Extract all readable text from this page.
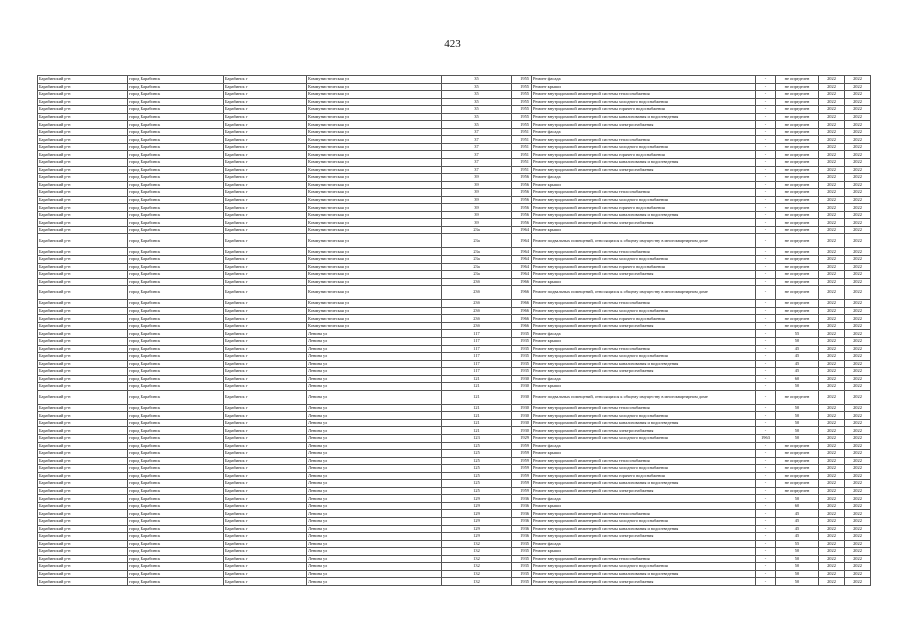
423
Барабинский р-н	город Барабинск	Барабинск г	Коммунистическая ул	35	1955	Ремонт фасада	-	не определен	2022	2022
Барабинский р-н	город Барабинск	Барабинск г	Коммунистическая ул	35	1955	Ремонт крыши	-	не определен	2022	2022
Барабинский р-н	город Барабинск	Барабинск г	Коммунистическая ул	35	1955	Ремонт внутридомовой инженерной системы теплоснабжения	-	не определен	2022	2022
Барабинский р-н	город Барабинск	Барабинск г	Коммунистическая ул	35	1955	Ремонт внутридомовой инженерной системы холодного водоснабжения	-	не определен	2022	2022
Барабинский р-н	город Барабинск	Барабинск г	Коммунистическая ул	35	1955	Ремонт внутридомовой инженерной системы горячего водоснабжения	-	не определен	2022	2022
Барабинский р-н	город Барабинск	Барабинск г	Коммунистическая ул	35	1955	Ремонт внутридомовой инженерной системы канализования и водоотведения	-	не определен	2022	2022
Барабинский р-н	город Барабинск	Барабинск г	Коммунистическая ул	35	1955	Ремонт внутридомовой инженерной системы электроснабжения	-	не определен	2022	2022
Барабинский р-н	город Барабинск	Барабинск г	Коммунистическая ул	37	1951	Ремонт фасада	-	не определен	2022	2022
Барабинский р-н	город Барабинск	Барабинск г	Коммунистическая ул	37	1951	Ремонт внутридомовой инженерной системы теплоснабжения	-	не определен	2022	2022
Барабинский р-н	город Барабинск	Барабинск г	Коммунистическая ул	37	1951	Ремонт внутридомовой инженерной системы холодного водоснабжения	-	не определен	2022	2022
Барабинский р-н	город Барабинск	Барабинск г	Коммунистическая ул	37	1951	Ремонт внутридомовой инженерной системы горячего водоснабжения	-	не определен	2022	2022
Барабинский р-н	город Барабинск	Барабинск г	Коммунистическая ул	37	1951	Ремонт внутридомовой инженерной системы канализования и водоотведения	-	не определен	2022	2022
Барабинский р-н	город Барабинск	Барабинск г	Коммунистическая ул	37	1951	Ремонт внутридомовой инженерной системы электроснабжения	-	не определен	2022	2022
Барабинский р-н	город Барабинск	Барабинск г	Коммунистическая ул	39	1956	Ремонт фасада	-	не определен	2022	2022
Барабинский р-н	город Барабинск	Барабинск г	Коммунистическая ул	39	1956	Ремонт крыши	-	не определен	2022	2022
Барабинский р-н	город Барабинск	Барабинск г	Коммунистическая ул	39	1956	Ремонт внутридомовой инженерной системы теплоснабжения	-	не определен	2022	2022
Барабинский р-н	город Барабинск	Барабинск г	Коммунистическая ул	39	1956	Ремонт внутридомовой инженерной системы холодного водоснабжения	-	не определен	2022	2022
Барабинский р-н	город Барабинск	Барабинск г	Коммунистическая ул	39	1956	Ремонт внутридомовой инженерной системы горячего водоснабжения	-	не определен	2022	2022
Барабинский р-н	город Барабинск	Барабинск г	Коммунистическая ул	39	1956	Ремонт внутридомовой инженерной системы канализования и водоотведения	-	не определен	2022	2022
Барабинский р-н	город Барабинск	Барабинск г	Коммунистическая ул	39	1956	Ремонт внутридомовой инженерной системы электроснабжения	-	не определен	2022	2022
Барабинский р-н	город Барабинск	Барабинск г	Коммунистическая ул	23а	1964	Ремонт крыши	-	не определен	2022	2022
Барабинский р-н	город Барабинск	Барабинск г	Коммунистическая ул	23а	1964	Ремонт подвальных помещений, относящихся к общему имуществу в многоквартирном доме	-	не определен	2022	2022
Барабинский р-н	город Барабинск	Барабинск г	Коммунистическая ул	23а	1964	Ремонт внутридомовой инженерной системы теплоснабжения	-	не определен	2022	2022
Барабинский р-н	город Барабинск	Барабинск г	Коммунистическая ул	23а	1964	Ремонт внутридомовой инженерной системы холодного водоснабжения	-	не определен	2022	2022
Барабинский р-н	город Барабинск	Барабинск г	Коммунистическая ул	23а	1964	Ремонт внутридомовой инженерной системы горячего водоснабжения	-	не определен	2022	2022
Барабинский р-н	город Барабинск	Барабинск г	Коммунистическая ул	23а	1964	Ремонт внутридомовой инженерной системы электроснабжения	-	не определен	2022	2022
Барабинский р-н	город Барабинск	Барабинск г	Коммунистическая ул	23б	1966	Ремонт крыши	-	не определен	2022	2022
Барабинский р-н	город Барабинск	Барабинск г	Коммунистическая ул	23б	1966	Ремонт подвальных помещений, относящихся к общему имуществу в многоквартирном доме	-	не определен	2022	2022
Барабинский р-н	город Барабинск	Барабинск г	Коммунистическая ул	23б	1966	Ремонт внутридомовой инженерной системы теплоснабжения	-	не определен	2022	2022
Барабинский р-н	город Барабинск	Барабинск г	Коммунистическая ул	23б	1966	Ремонт внутридомовой инженерной системы холодного водоснабжения	-	не определен	2022	2022
Барабинский р-н	город Барабинск	Барабинск г	Коммунистическая ул	23б	1966	Ремонт внутридомовой инженерной системы горячего водоснабжения	-	не определен	2022	2022
Барабинский р-н	город Барабинск	Барабинск г	Коммунистическая ул	23б	1966	Ремонт внутридомовой инженерной системы электроснабжения	-	не определен	2022	2022
Барабинский р-н	город Барабинск	Барабинск г	Ленина ул	117	1935	Ремонт фасада	-	55	2022	2022
Барабинский р-н	город Барабинск	Барабинск г	Ленина ул	117	1935	Ремонт крыши	-	50	2022	2022
Барабинский р-н	город Барабинск	Барабинск г	Ленина ул	117	1935	Ремонт внутридомовой инженерной системы теплоснабжения	-	45	2022	2022
Барабинский р-н	город Барабинск	Барабинск г	Ленина ул	117	1935	Ремонт внутридомовой инженерной системы холодного водоснабжения	-	45	2022	2022
Барабинский р-н	город Барабинск	Барабинск г	Ленина ул	117	1935	Ремонт внутридомовой инженерной системы канализования и водоотведения	-	45	2022	2022
Барабинский р-н	город Барабинск	Барабинск г	Ленина ул	117	1935	Ремонт внутридомовой инженерной системы электроснабжения	-	45	2022	2022
Барабинский р-н	город Барабинск	Барабинск г	Ленина ул	121	1930	Ремонт фасада	-	60	2022	2022
Барабинский р-н	город Барабинск	Барабинск г	Ленина ул	121	1930	Ремонт крыши	-	50	2022	2022
Барабинский р-н	город Барабинск	Барабинск г	Ленина ул	121	1930	Ремонт подвальных помещений, относящихся к общему имуществу в многоквартирном доме	-	не определен	2022	2022
Барабинский р-н	город Барабинск	Барабинск г	Ленина ул	121	1930	Ремонт внутридомовой инженерной системы теплоснабжения	-	50	2022	2022
Барабинский р-н	город Барабинск	Барабинск г	Ленина ул	121	1930	Ремонт внутридомовой инженерной системы холодного водоснабжения	-	50	2022	2022
Барабинский р-н	город Барабинск	Барабинск г	Ленина ул	121	1930	Ремонт внутридомовой инженерной системы канализования и водоотведения	-	50	2022	2022
Барабинский р-н	город Барабинск	Барабинск г	Ленина ул	121	1930	Ремонт внутридомовой инженерной системы электроснабжения	-	50	2022	2022
Барабинский р-н	город Барабинск	Барабинск г	Ленина ул	123	1929	Ремонт внутридомовой инженерной системы холодного водоснабжения	1963	50	2022	2022
Барабинский р-н	город Барабинск	Барабинск г	Ленина ул	125	1959	Ремонт фасада	-	не определен	2022	2022
Барабинский р-н	город Барабинск	Барабинск г	Ленина ул	125	1959	Ремонт крыши	-	не определен	2022	2022
Барабинский р-н	город Барабинск	Барабинск г	Ленина ул	125	1959	Ремонт внутридомовой инженерной системы теплоснабжения	-	не определен	2022	2022
Барабинский р-н	город Барабинск	Барабинск г	Ленина ул	125	1959	Ремонт внутридомовой инженерной системы холодного водоснабжения	-	не определен	2022	2022
Барабинский р-н	город Барабинск	Барабинск г	Ленина ул	125	1959	Ремонт внутридомовой инженерной системы горячего водоснабжения	-	не определен	2022	2022
Барабинский р-н	город Барабинск	Барабинск г	Ленина ул	125	1959	Ремонт внутридомовой инженерной системы канализования и водоотведения	-	не определен	2022	2022
Барабинский р-н	город Барабинск	Барабинск г	Ленина ул	125	1959	Ремонт внутридомовой инженерной системы электроснабжения	-	не определен	2022	2022
Барабинский р-н	город Барабинск	Барабинск г	Ленина ул	129	1936	Ремонт фасада	-	50	2022	2022
Барабинский р-н	город Барабинск	Барабинск г	Ленина ул	129	1936	Ремонт крыши	-	60	2022	2022
Барабинский р-н	город Барабинск	Барабинск г	Ленина ул	129	1936	Ремонт внутридомовой инженерной системы теплоснабжения	-	45	2022	2022
Барабинский р-н	город Барабинск	Барабинск г	Ленина ул	129	1936	Ремонт внутридомовой инженерной системы холодного водоснабжения	-	45	2022	2022
Барабинский р-н	город Барабинск	Барабинск г	Ленина ул	129	1936	Ремонт внутридомовой инженерной системы канализования и водоотведения	-	45	2022	2022
Барабинский р-н	город Барабинск	Барабинск г	Ленина ул	129	1936	Ремонт внутридомовой инженерной системы электроснабжения	-	45	2022	2022
Барабинский р-н	город Барабинск	Барабинск г	Ленина ул	132	1935	Ремонт фасада	-	55	2022	2022
Барабинский р-н	город Барабинск	Барабинск г	Ленина ул	132	1935	Ремонт крыши	-	50	2022	2022
Барабинский р-н	город Барабинск	Барабинск г	Ленина ул	132	1935	Ремонт внутридомовой инженерной системы теплоснабжения	-	50	2022	2022
Барабинский р-н	город Барабинск	Барабинск г	Ленина ул	132	1935	Ремонт внутридомовой инженерной системы холодного водоснабжения	-	50	2022	2022
Барабинский р-н	город Барабинск	Барабинск г	Ленина ул	132	1935	Ремонт внутридомовой инженерной системы канализования и водоотведения	-	50	2022	2022
Барабинский р-н	город Барабинск	Барабинск г	Ленина ул	132	1935	Ремонт внутридомовой инженерной системы электроснабжения	-	50	2022	2022
